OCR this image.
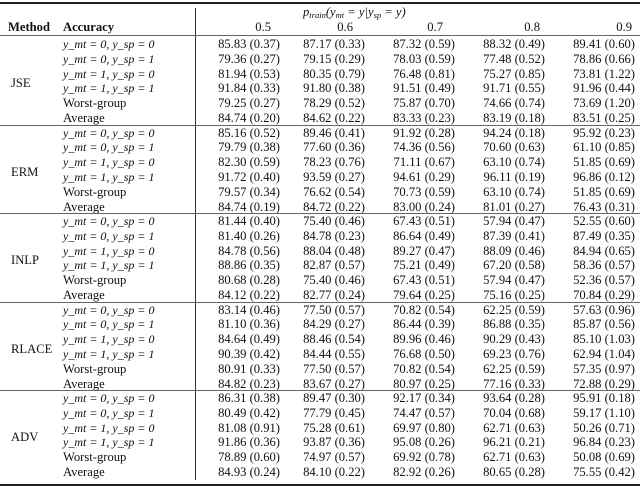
$p_{train}(y_{mt} = y|y_{sp} = y)$
Method Accuracy	0.5	0.6	0.7	0.8	0.9
JSE
y_mt = 0, y_sp = 0	85.83 (0.37) 87.17 (0.33) 87.32 (0.59) 88.32 (0.49) 89.41 (0.60)
y_mt = 0, y_sp = 1	79.36 (0.27) 79.15 (0.29) 78.03 (0.59) 77.48 (0.52) 78.86 (0.66)
y_mt = 1, y_sp = 0	81.94 (0.53) 80.35 (0.79) 76.48 (0.81) 75.27 (0.85) 73.81 (1.22)
y_mt = 1, y_sp = 1	91.84 (0.33) 91.80 (0.38) 91.51 (0.49) 91.71 (0.55) 91.96 (0.44)
Worst-group	79.25 (0.27) 78.29 (0.52) 75.87 (0.70) 74.66 (0.74) 73.69 (1.20)
Average	84.74 (0.20) 84.62 (0.22) 83.33 (0.23) 83.19 (0.18) 83.51 (0.25)
ERM
y_mt = 0, y_sp = 0	85.16 (0.52) 89.46 (0.41) 91.92 (0.28) 94.24 (0.18) 95.92 (0.23)
y_mt = 0, y_sp = 1	79.79 (0.38) 77.60 (0.36) 74.36 (0.56) 70.60 (0.63) 61.10 (0.85)
y_mt = 1, y_sp = 0	82.30 (0.59) 78.23 (0.76) 71.11 (0.67) 63.10 (0.74) 51.85 (0.69)
y_mt = 1, y_sp = 1	91.72 (0.40) 93.59 (0.27) 94.61 (0.29) 96.11 (0.19) 96.86 (0.12)
Worst-group	79.57 (0.34) 76.62 (0.54) 70.73 (0.59) 63.10 (0.74) 51.85 (0.69)
Average	84.74 (0.19) 84.72 (0.22) 83.00 (0.24) 81.01 (0.27) 76.43 (0.31)
INLP
y_mt = 0, y_sp = 0	81.44 (0.40) 75.40 (0.46) 67.43 (0.51) 57.94 (0.47) 52.55 (0.60)
y_mt = 0, y_sp = 1	81.40 (0.26) 84.78 (0.23) 86.64 (0.49) 87.39 (0.41) 87.49 (0.35)
y_mt = 1, y_sp = 0	84.78 (0.56) 88.04 (0.48) 89.27 (0.47) 88.09 (0.46) 84.94 (0.65)
y_mt = 1, y_sp = 1	88.86 (0.35) 82.87 (0.57) 75.21 (0.49) 67.20 (0.58) 58.36 (0.57)
Worst-group	80.68 (0.28) 75.40 (0.46) 67.43 (0.51) 57.94 (0.47) 52.36 (0.57)
Average	84.12 (0.22) 82.77 (0.24) 79.64 (0.25) 75.16 (0.25) 70.84 (0.29)
RLACE
y_mt = 0, y_sp = 0	83.14 (0.46) 77.50 (0.57) 70.82 (0.54) 62.25 (0.59) 57.63 (0.96)
y_mt = 0, y_sp = 1	81.10 (0.36) 84.29 (0.27) 86.44 (0.39) 86.88 (0.35) 85.87 (0.56)
y_mt = 1, y_sp = 0	84.64 (0.49) 88.46 (0.54) 89.96 (0.46) 90.29 (0.43) 85.10 (1.03)
y_mt = 1, y_sp = 1	90.39 (0.42) 84.44 (0.55) 76.68 (0.50) 69.23 (0.76) 62.94 (1.04)
Worst-group	80.91 (0.33) 77.50 (0.57) 70.82 (0.54) 62.25 (0.59) 57.35 (0.97)
Average	84.82 (0.23) 83.67 (0.27) 80.97 (0.25) 77.16 (0.33) 72.88 (0.29)
ADV
y_mt = 0, y_sp = 0	86.31 (0.38) 89.47 (0.30) 92.17 (0.34) 93.64 (0.28) 95.91 (0.18)
y_mt = 0, y_sp = 1	80.49 (0.42) 77.79 (0.45) 74.47 (0.57) 70.04 (0.68) 59.17 (1.10)
y_mt = 1, y_sp = 0	81.08 (0.91) 75.28 (0.61) 69.97 (0.80) 62.71 (0.63) 50.26 (0.71)
y_mt = 1, y_sp = 1	91.86 (0.36) 93.87 (0.36) 95.08 (0.26) 96.21 (0.21) 96.84 (0.23)
Worst-group	78.89 (0.60) 74.97 (0.57) 69.92 (0.78) 62.71 (0.63) 50.08 (0.69)
Average	84.93 (0.24) 84.10 (0.22) 82.92 (0.26) 80.65 (0.28) 75.55 (0.42)
